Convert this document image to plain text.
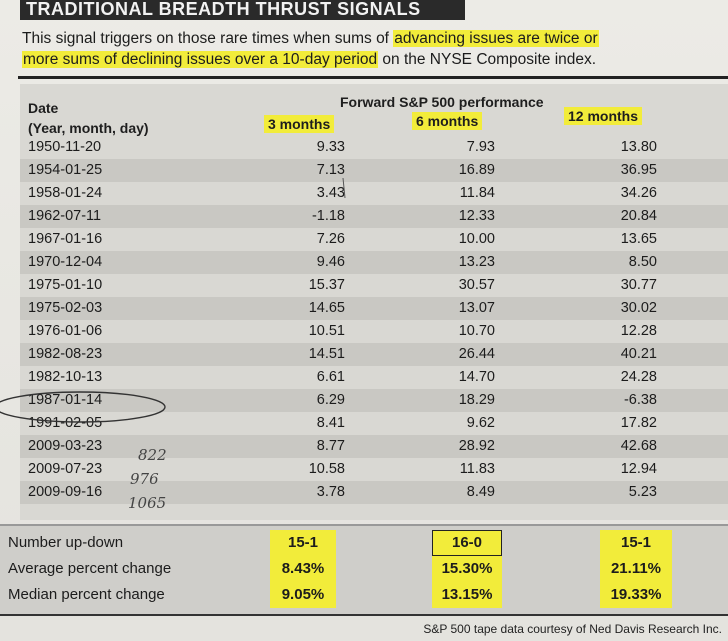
TRADITIONAL BREADTH THRUST SIGNALS
This signal triggers on those rare times when sums of advancing issues are twice or
more sums of declining issues over a 10-day period on the NYSE Composite index.
Date
(Year, month, day)
Forward S&P 500 performance
3 months	6 months	12 months
1950-11-20	9.33	7.93	13.80
1954-01-25	7.13	16.89	36.95
1958-01-24	3.43	11.84	34.26
1962-07-11	-1.18	12.33	20.84
1967-01-16	7.26	10.00	13.65
1970-12-04	9.46	13.23	8.50
1975-01-10	15.37	30.57	30.77
1975-02-03	14.65	13.07	30.02
1976-01-06	10.51	10.70	12.28
1982-08-23	14.51	26.44	40.21
1982-10-13	6.61	14.70	24.28
1987-01-14	6.29	18.29	-6.38
1991-02-05	8.41	9.62	17.82
2009-03-23	8.77	28.92	42.68
2009-07-23	10.58	11.83	12.94
2009-09-16	3.78	8.49	5.23
822
976
1065
Number up-down	15-1	16-0	15-1
Average percent change	8.43%	15.30%	21.11%
Median percent change	9.05%	13.15%	19.33%
S&P 500 tape data courtesy of Ned Davis Research Inc.
